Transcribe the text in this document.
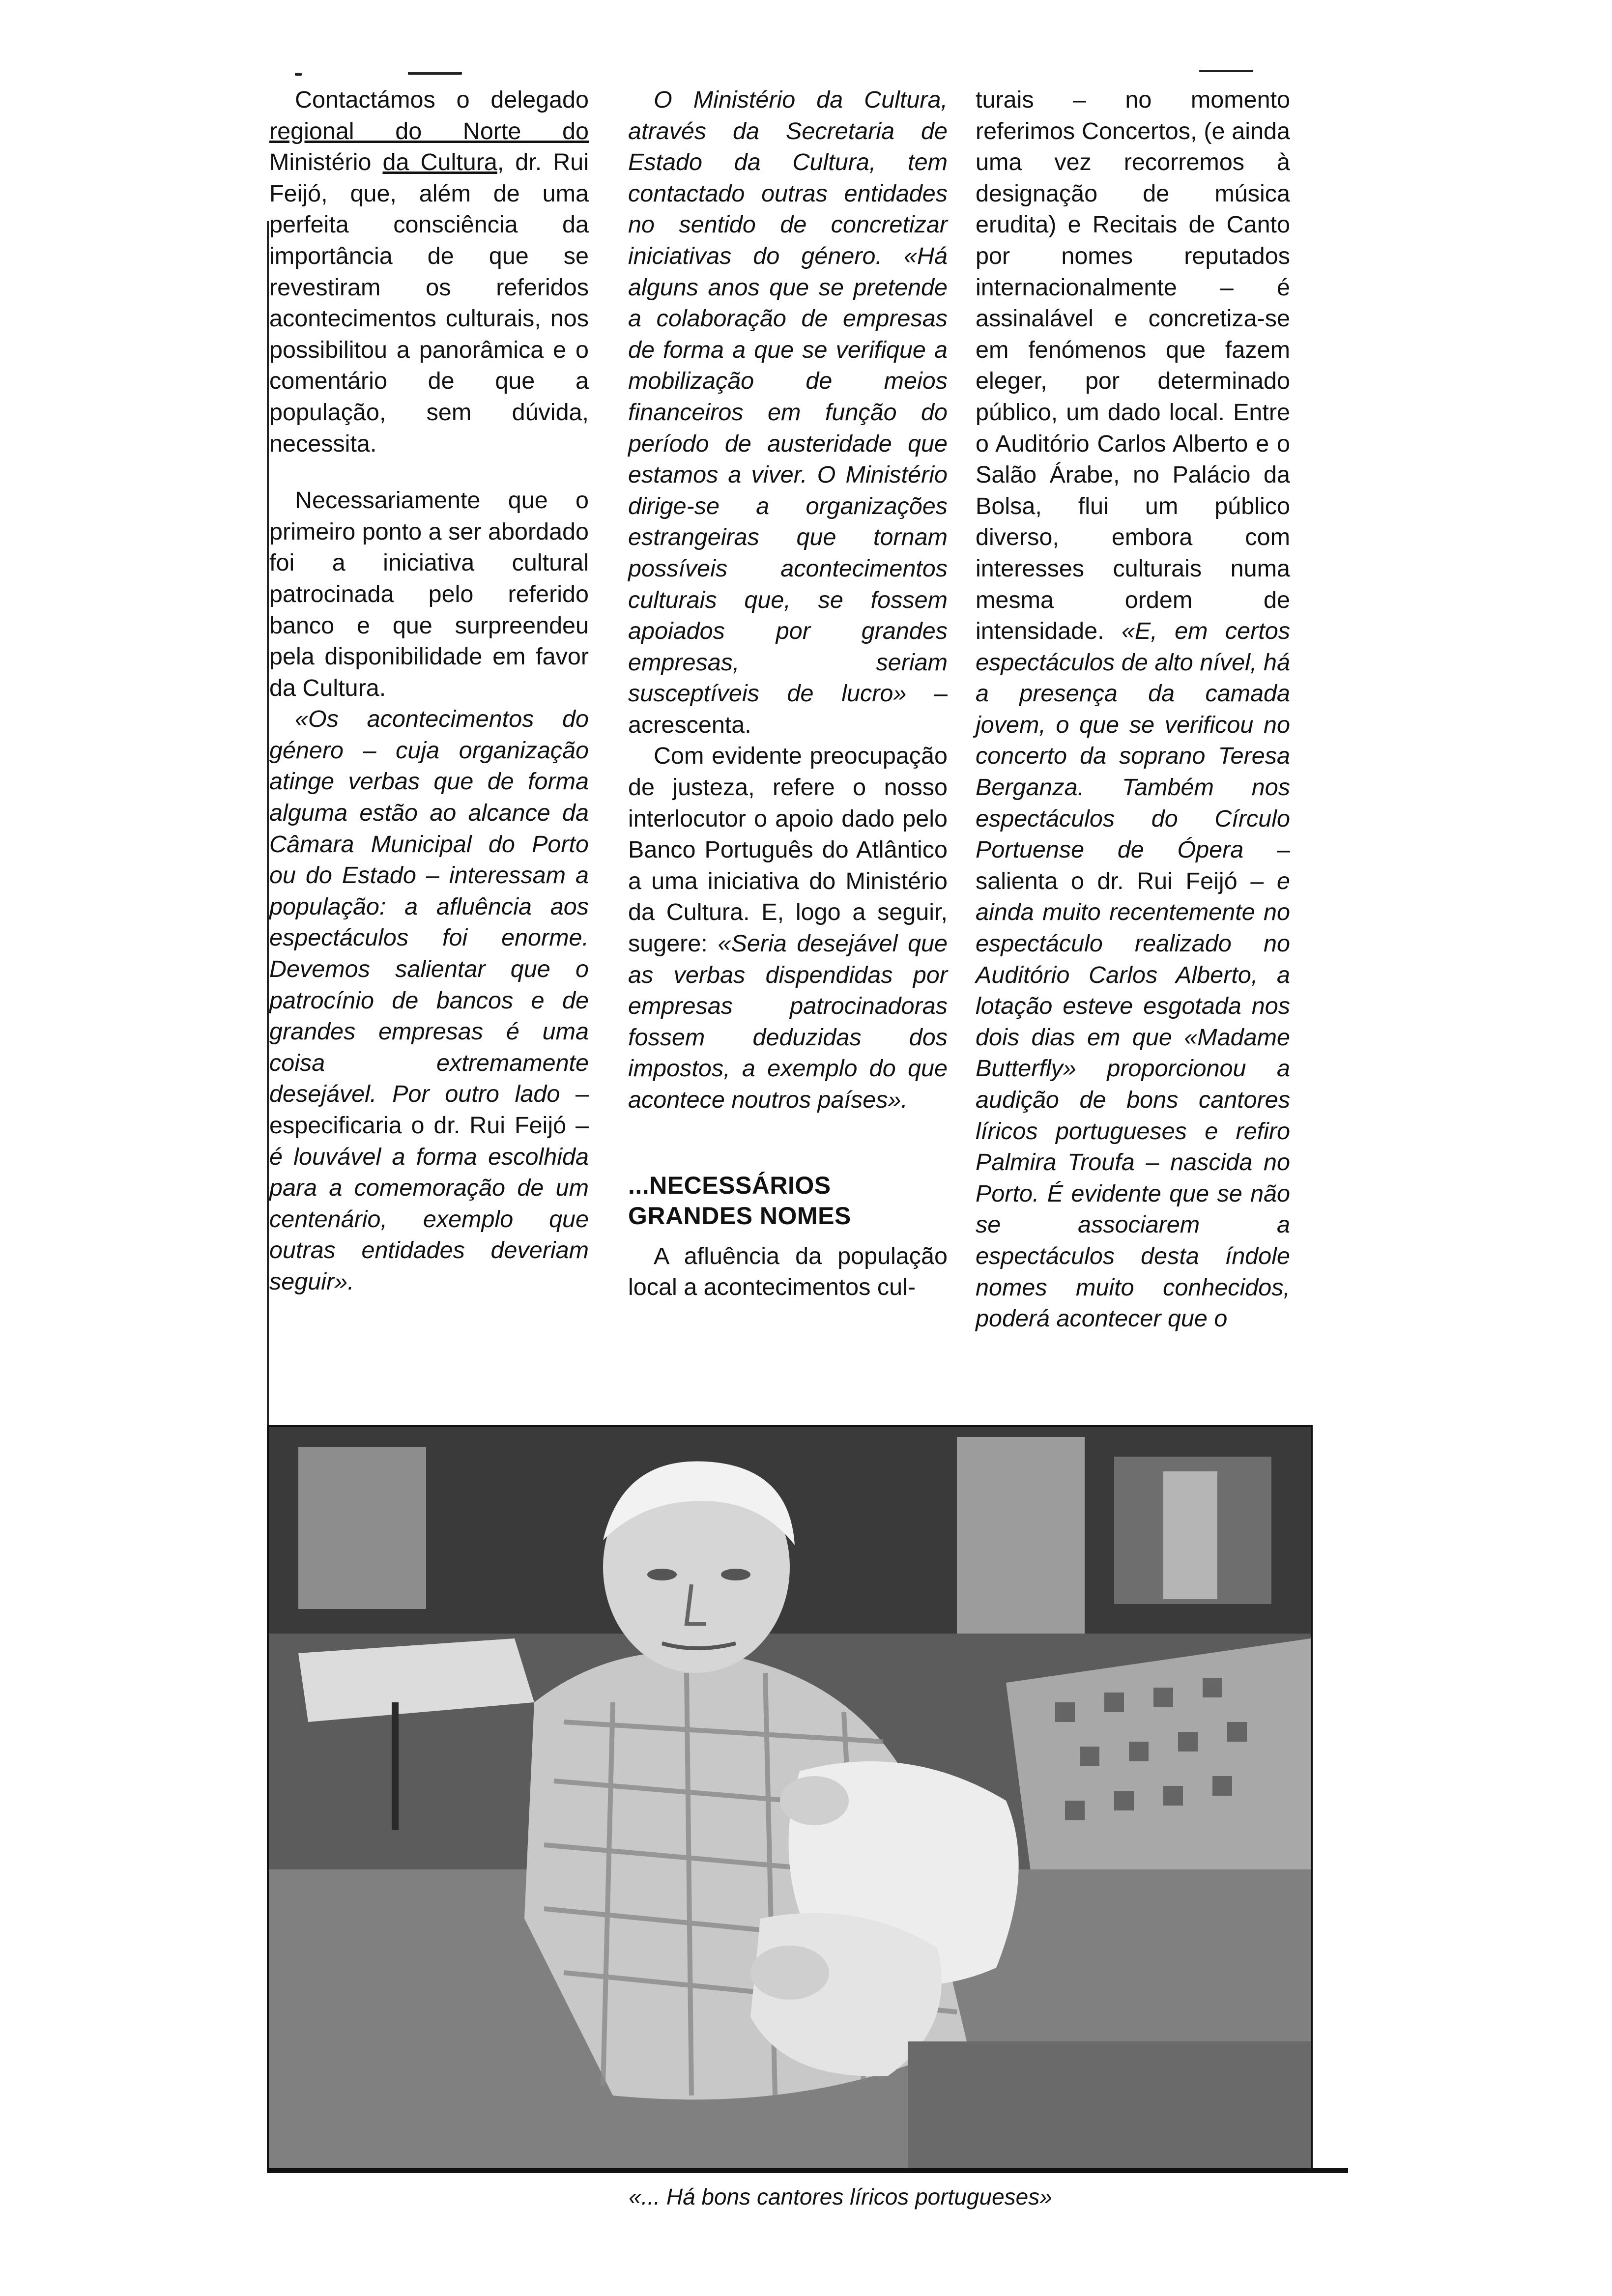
Contactámos o delegado regional do Norte do Ministério da Cultura, dr. Rui Feijó, que, além de uma perfeita consciência da importância de que se revestiram os referidos acontecimentos culturais, nos possibilitou a panorâmica e o comentário de que a população, sem dúvida, necessita.

Necessariamente que o primeiro ponto a ser abordado foi a iniciativa cultural patrocinada pelo referido banco e que surpreendeu pela disponibilidade em favor da Cultura.

«Os acontecimentos do género – cuja organização atinge verbas que de forma alguma estão ao alcance da Câmara Municipal do Porto ou do Estado – interessam a população: a afluência aos espectáculos foi enorme. Devemos salientar que o patrocínio de bancos e de grandes empresas é uma coisa extremamente desejável. Por outro lado – especificaria o dr. Rui Feijó – é louvável a forma escolhida para a comemoração de um centenário, exemplo que outras entidades deveriam seguir».

O Ministério da Cultura, através da Secretaria de Estado da Cultura, tem contactado outras entidades no sentido de concretizar iniciativas do género. «Há alguns anos que se pretende a colaboração de empresas de forma a que se verifique a mobilização de meios financeiros em função do período de austeridade que estamos a viver. O Ministério dirige-se a organizações estrangeiras que tornam possíveis acontecimentos culturais que, se fossem apoiados por grandes empresas, seriam susceptíveis de lucro» – acrescenta.

Com evidente preocupação de justeza, refere o nosso interlocutor o apoio dado pelo Banco Português do Atlântico a uma iniciativa do Ministério da Cultura. E, logo a seguir, sugere: «Seria desejável que as verbas dispendidas por empresas patrocinadoras fossem deduzidas dos impostos, a exemplo do que acontece noutros países».

...NECESSÁRIOS GRANDES NOMES

A afluência da população local a acontecimentos cul-

turais – no momento referimos Concertos, (e ainda uma vez recorremos à designação de música erudita) e Recitais de Canto por nomes reputados internacionalmente – é assinalável e concretiza-se em fenómenos que fazem eleger, por determinado público, um dado local. Entre o Auditório Carlos Alberto e o Salão Árabe, no Palácio da Bolsa, flui um público diverso, embora com interesses culturais numa mesma ordem de intensidade. «E, em certos espectáculos de alto nível, há a presença da camada jovem, o que se verificou no concerto da soprano Teresa Berganza. Também nos espectáculos do Círculo Portuense de Ópera – salienta o dr. Rui Feijó – e ainda muito recentemente no espectáculo realizado no Auditório Carlos Alberto, a lotação esteve esgotada nos dois dias em que «Madame Butterfly» proporcionou a audição de bons cantores líricos portugueses e refiro Palmira Troufa – nascida no Porto. É evidente que se não se associarem a espectáculos desta índole nomes muito conhecidos, poderá acontecer que o

«... Há bons cantores líricos portugueses»
